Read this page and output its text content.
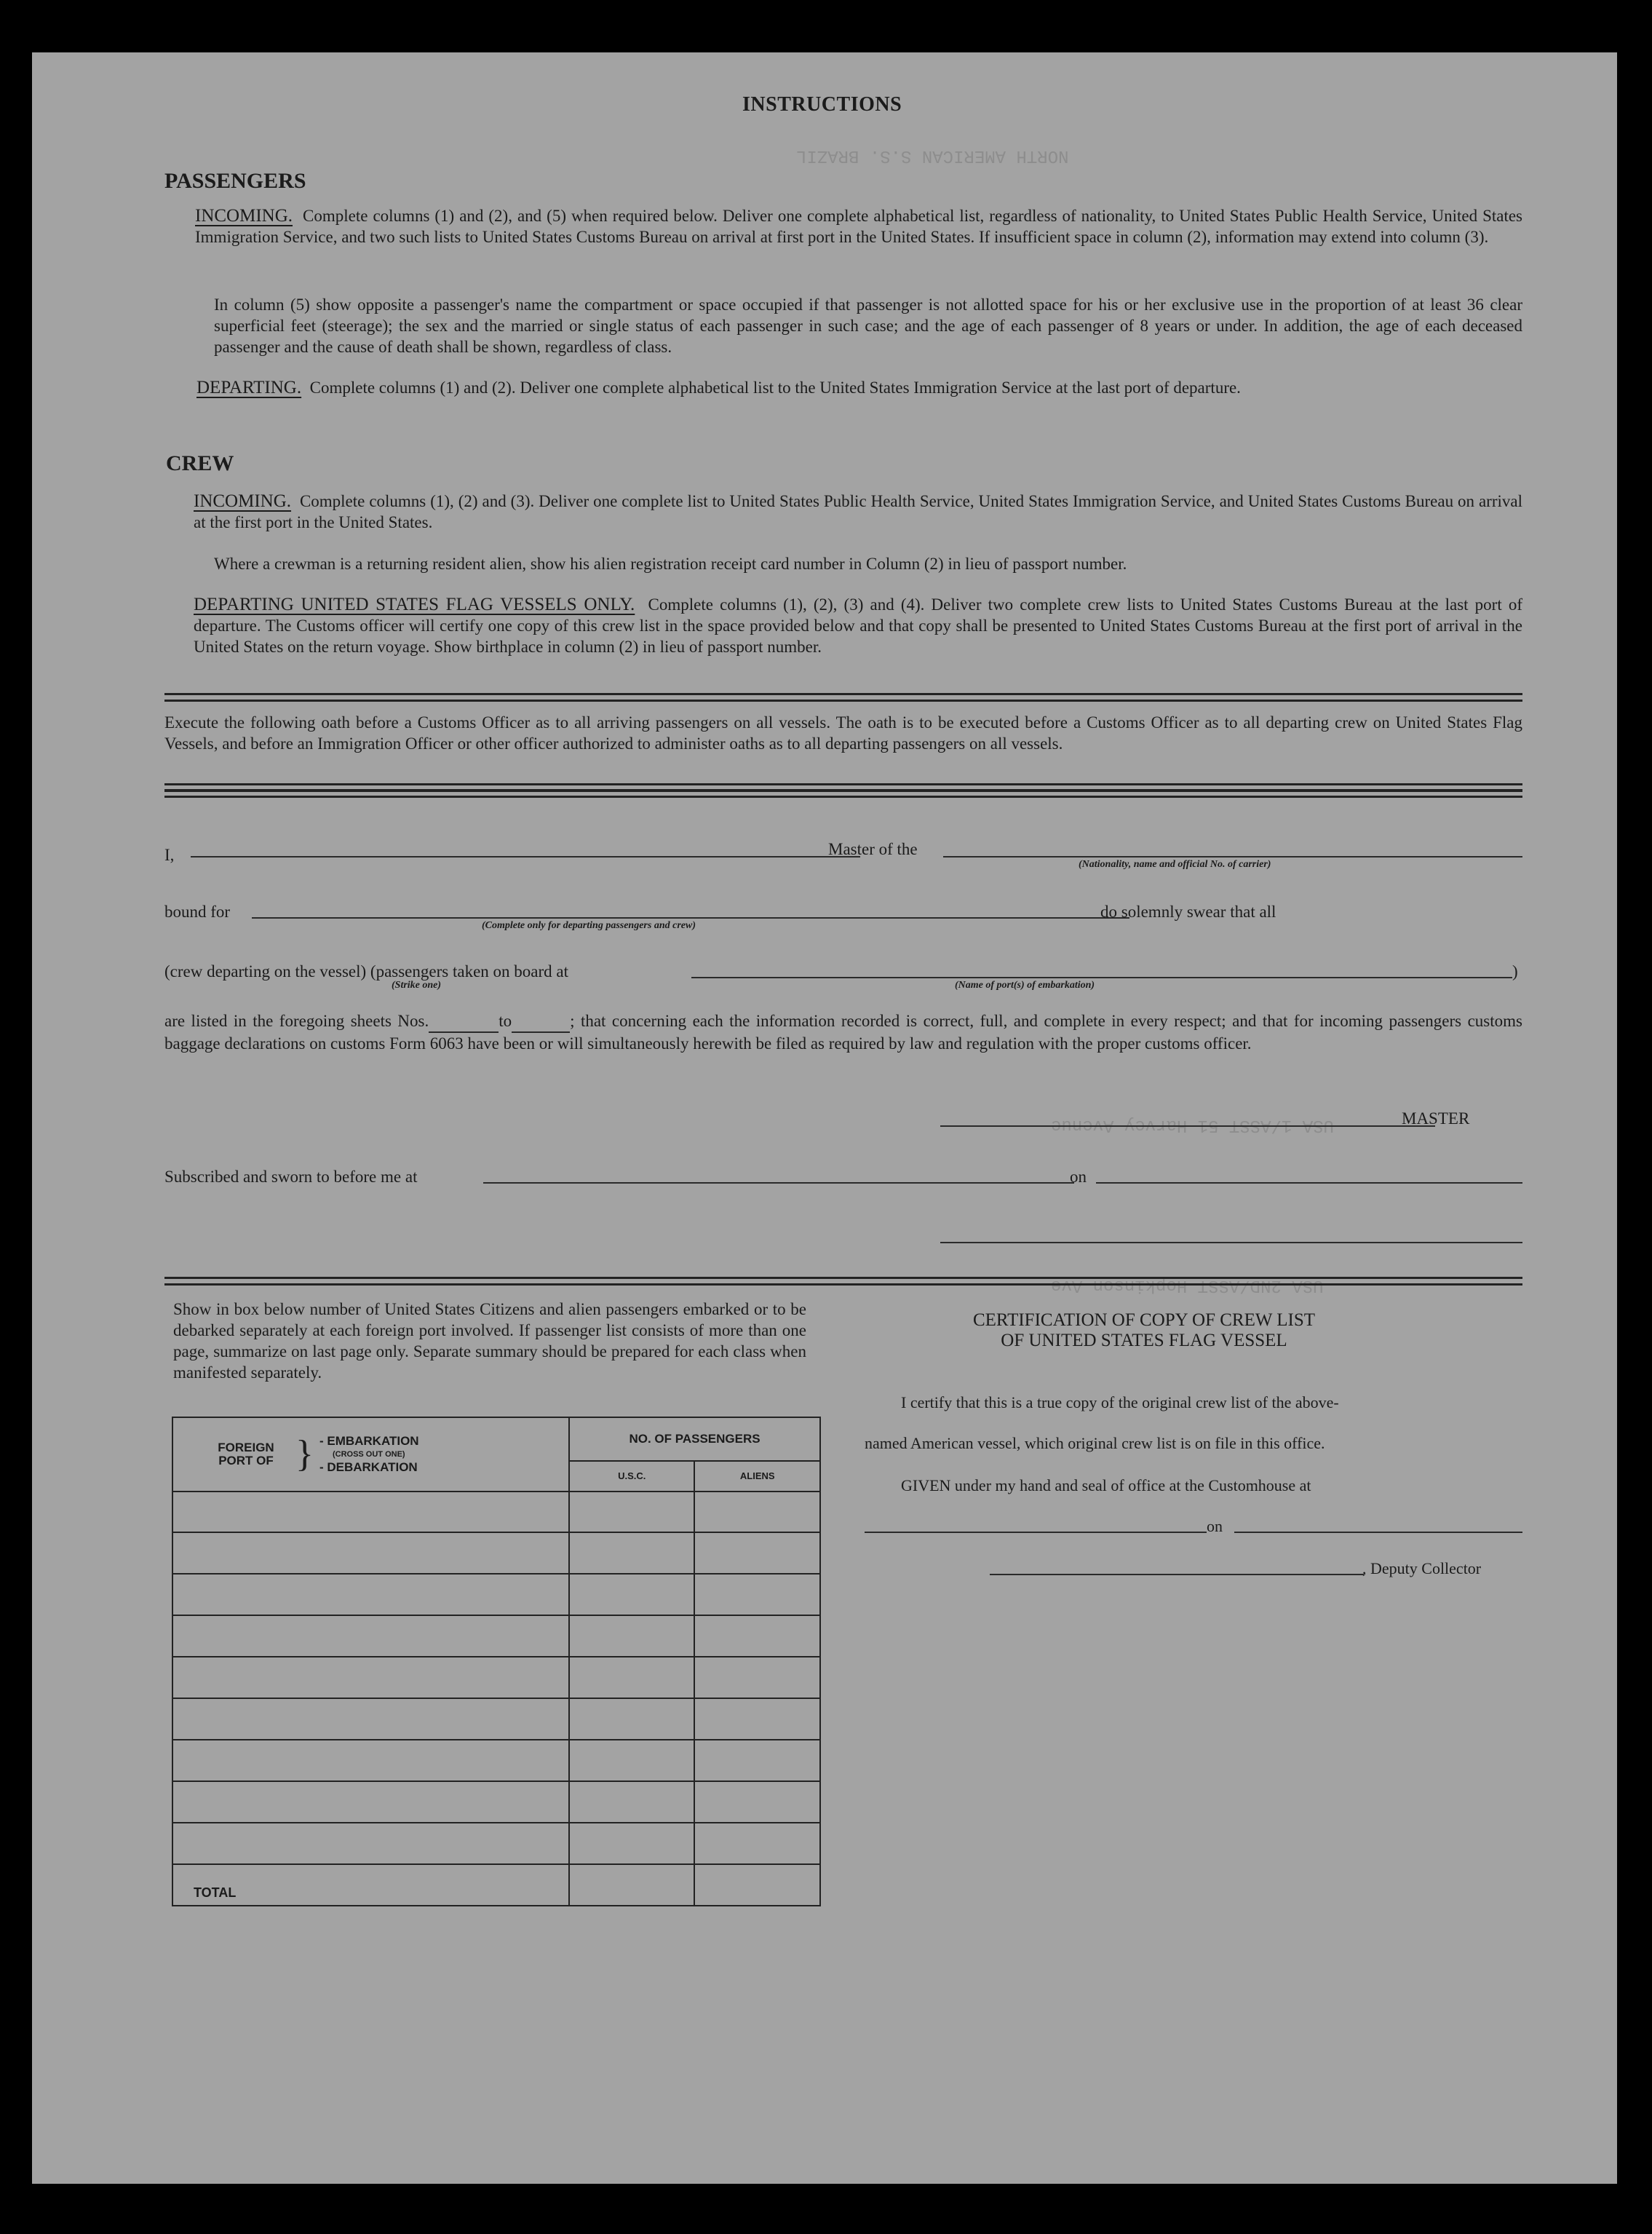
INSTRUCTIONS
NORTH AMERICAN S.S. BRAZIL
USA 1/ASST 51 Harvey Avenue
USA 2ND/ASST Hopkinson Ave
PASSENGERS
INCOMING. Complete columns (1) and (2), and (5) when required below. Deliver one complete alphabetical list, regardless of nationality, to United States Public Health Service, United States Immigration Service, and two such lists to United States Customs Bureau on arrival at first port in the United States. If insufficient space in column (2), information may extend into column (3).
In column (5) show opposite a passenger's name the compartment or space occupied if that passenger is not allotted space for his or her exclusive use in the proportion of at least 36 clear superficial feet (steerage); the sex and the married or single status of each passenger in such case; and the age of each passenger of 8 years or under. In addition, the age of each deceased passenger and the cause of death shall be shown, regardless of class.
DEPARTING. Complete columns (1) and (2). Deliver one complete alphabetical list to the United States Immigration Service at the last port of departure.
CREW
INCOMING. Complete columns (1), (2) and (3). Deliver one complete list to United States Public Health Service, United States Immigration Service, and United States Customs Bureau on arrival at the first port in the United States.
Where a crewman is a returning resident alien, show his alien registration receipt card number in Column (2) in lieu of passport number.
DEPARTING UNITED STATES FLAG VESSELS ONLY. Complete columns (1), (2), (3) and (4). Deliver two complete crew lists to United States Customs Bureau at the last port of departure. The Customs officer will certify one copy of this crew list in the space provided below and that copy shall be presented to United States Customs Bureau at the first port of arrival in the United States on the return voyage. Show birthplace in column (2) in lieu of passport number.
Execute the following oath before a Customs Officer as to all arriving passengers on all vessels. The oath is to be executed before a Customs Officer as to all departing crew on United States Flag Vessels, and before an Immigration Officer or other officer authorized to administer oaths as to all departing passengers on all vessels.
I,	Master of the
(Nationality, name and official No. of carrier)
bound for
(Complete only for departing passengers and crew)
do solemnly swear that all
(crew departing on the vessel) (passengers taken on board at
(Strike one)
)
(Name of port(s) of embarkation)
are listed in the foregoing sheets Nos.	to	; that concerning each the information recorded is correct, full, and complete in every respect; and that for incoming passengers customs baggage declarations on customs Form 6063 have been or will simultaneously herewith be filed as required by law and regulation with the proper customs officer.
MASTER
Subscribed and sworn to before me at	on
Show in box below number of United States Citizens and alien passengers embarked or to be debarked separately at each foreign port involved. If passenger list consists of more than one page, summarize on last page only. Separate summary should be prepared for each class when manifested separately.
FOREIGN PORT OF } - EMBARKATION
(CROSS OUT ONE)
- DEBARKATION	NO. OF PASSENGERS	
	U.S.C.	ALIENS

TOTAL		
CERTIFICATION OF COPY OF CREW LIST
OF UNITED STATES FLAG VESSEL
I certify that this is a true copy of the original crew list of the above-
named American vessel, which original crew list is on file in this office.
GIVEN under my hand and seal of office at the Customhouse at
on
, Deputy Collector
